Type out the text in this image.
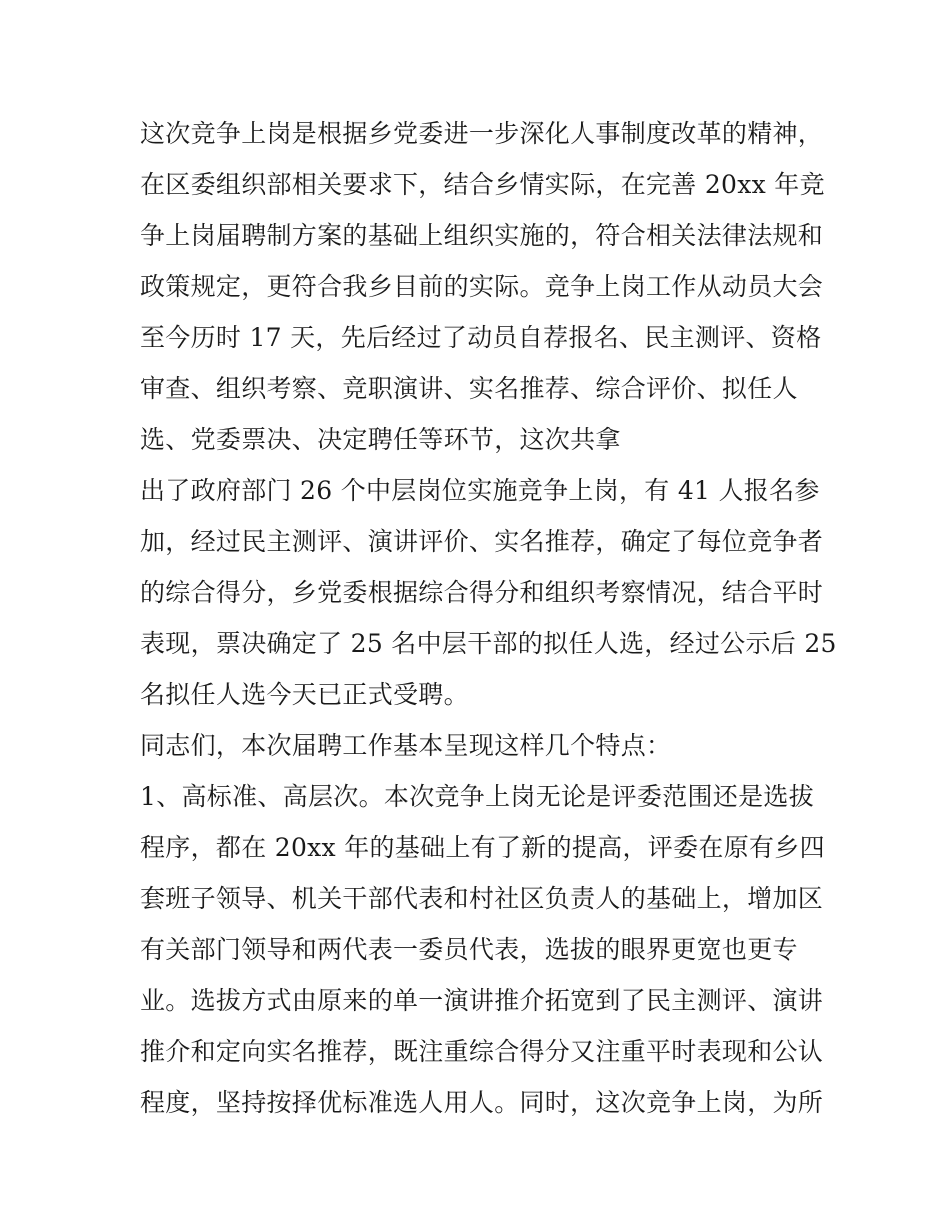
这次竞争上岗是根据乡党委进一步深化人事制度改革的精神，
在区委组织部相关要求下，结合乡情实际，在完善 20xx 年竞
争上岗届聘制方案的基础上组织实施的，符合相关法律法规和
政策规定，更符合我乡目前的实际。竞争上岗工作从动员大会
至今历时 17 天，先后经过了动员自荐报名、民主测评、资格
审查、组织考察、竞职演讲、实名推荐、综合评价、拟任人
选、党委票决、决定聘任等环节，这次共拿
出了政府部门 26 个中层岗位实施竞争上岗，有 41 人报名参
加，经过民主测评、演讲评价、实名推荐，确定了每位竞争者
的综合得分，乡党委根据综合得分和组织考察情况，结合平时
表现，票决确定了 25 名中层干部的拟任人选，经过公示后 25
名拟任人选今天已正式受聘。
同志们，本次届聘工作基本呈现这样几个特点：
1、高标准、高层次。本次竞争上岗无论是评委范围还是选拔
程序，都在 20xx 年的基础上有了新的提高，评委在原有乡四
套班子领导、机关干部代表和村社区负责人的基础上，增加区
有关部门领导和两代表一委员代表，选拔的眼界更宽也更专
业。选拔方式由原来的单一演讲推介拓宽到了民主测评、演讲
推介和定向实名推荐，既注重综合得分又注重平时表现和公认
程度，坚持按择优标准选人用人。同时，这次竞争上岗，为所
